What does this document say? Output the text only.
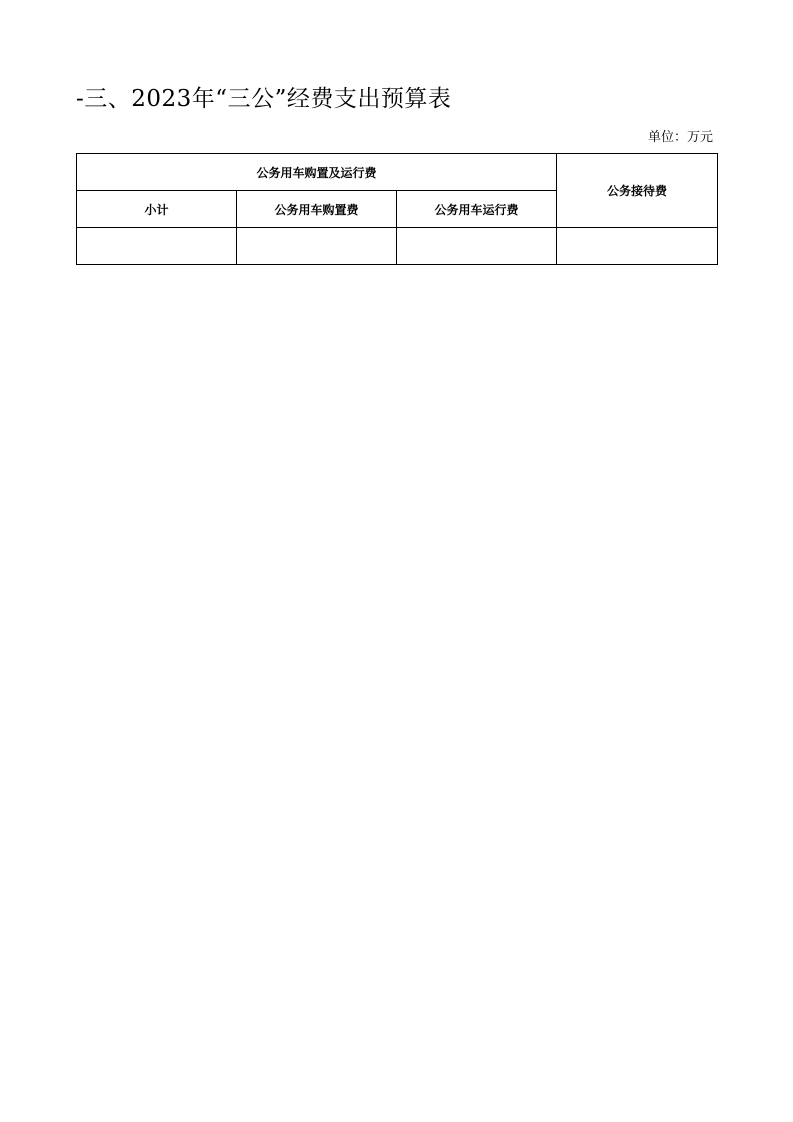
-三、2023年“三公”经费支出预算表
单位：万元
公务用车购置及运行费			公务接待费
小计	公务用车购置费	公务用车运行费	
